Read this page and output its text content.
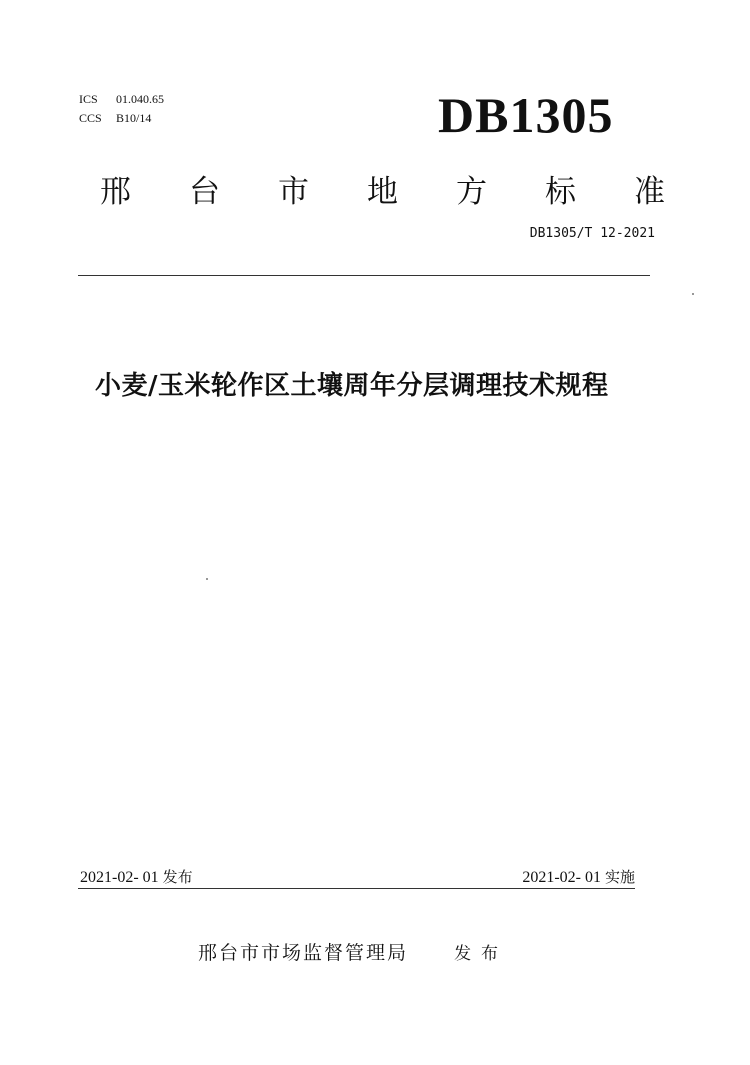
ICS 01.040.65
CCS B10/14	DB1305
邢 台 市 地 方 标 准
DB1305/T 12-2021
小麦/玉米轮作区土壤周年分层调理技术规程
2021-02- 01 发布	2021-02- 01 实施
邢台市市场监督管理局	发布
